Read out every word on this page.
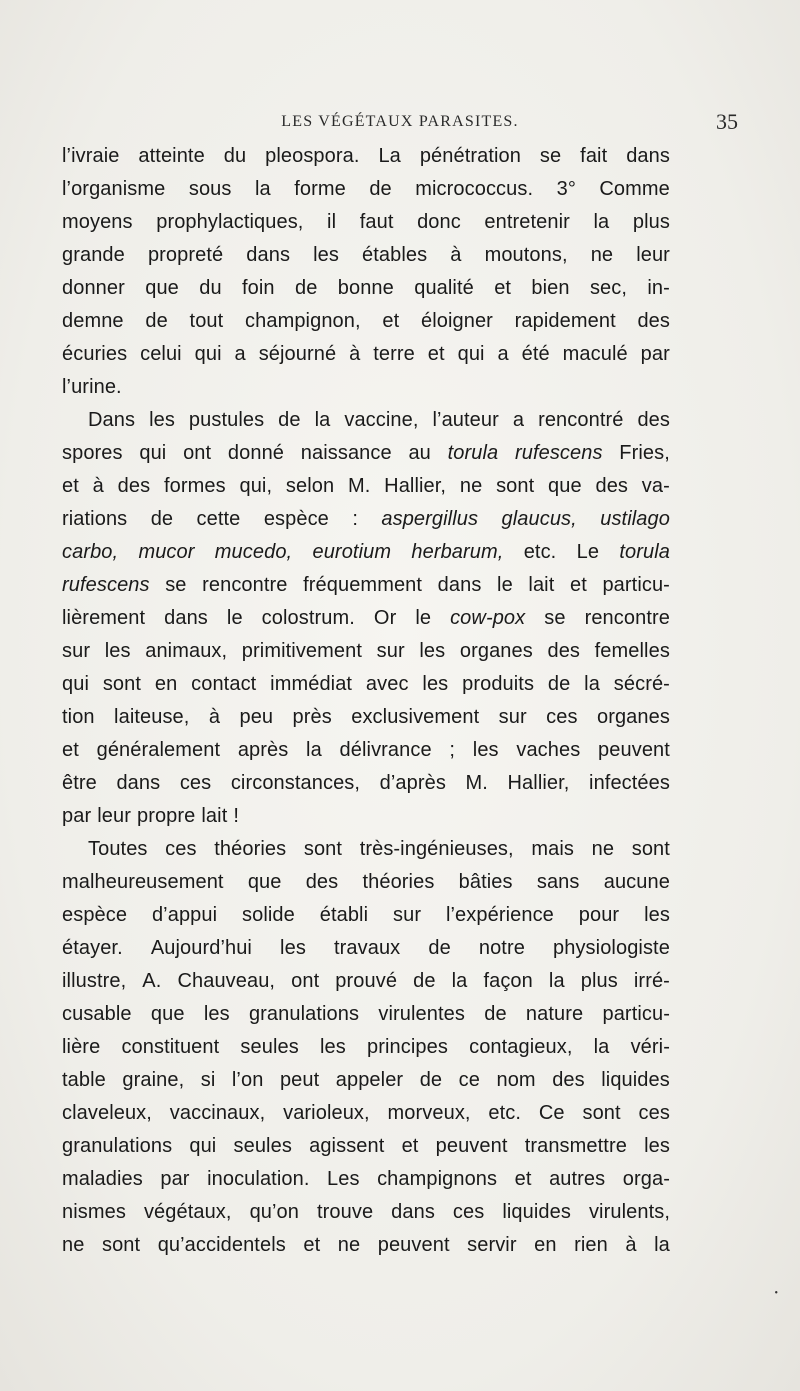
LES VÉGÉTAUX PARASITES.	35
l’ivraie atteinte du pleospora. La pénétration se fait dans
l’organisme sous la forme de micrococcus. 3° Comme
moyens prophylactiques, il faut donc entretenir la plus
grande propreté dans les étables à moutons, ne leur
donner que du foin de bonne qualité et bien sec, in-
demne de tout champignon, et éloigner rapidement des
écuries celui qui a séjourné à terre et qui a été maculé par
l’urine.
Dans les pustules de la vaccine, l’auteur a rencontré des
spores qui ont donné naissance au torula rufescens Fries,
et à des formes qui, selon M. Hallier, ne sont que des va-
riations de cette espèce : aspergillus glaucus, ustilago
carbo, mucor mucedo, eurotium herbarum, etc. Le torula
rufescens se rencontre fréquemment dans le lait et particu-
lièrement dans le colostrum. Or le cow-pox se rencontre
sur les animaux, primitivement sur les organes des femelles
qui sont en contact immédiat avec les produits de la sécré-
tion laiteuse, à peu près exclusivement sur ces organes
et généralement après la délivrance ; les vaches peuvent
être dans ces circonstances, d’après M. Hallier, infectées
par leur propre lait !
Toutes ces théories sont très-ingénieuses, mais ne sont
malheureusement que des théories bâties sans aucune
espèce d’appui solide établi sur l’expérience pour les
étayer. Aujourd’hui les travaux de notre physiologiste
illustre, A. Chauveau, ont prouvé de la façon la plus irré-
cusable que les granulations virulentes de nature particu-
lière constituent seules les principes contagieux, la véri-
table graine, si l’on peut appeler de ce nom des liquides
claveleux, vaccinaux, varioleux, morveux, etc. Ce sont ces
granulations qui seules agissent et peuvent transmettre les
maladies par inoculation. Les champignons et autres orga-
nismes végétaux, qu’on trouve dans ces liquides virulents,
ne sont qu’accidentels et ne peuvent servir en rien à la
•
